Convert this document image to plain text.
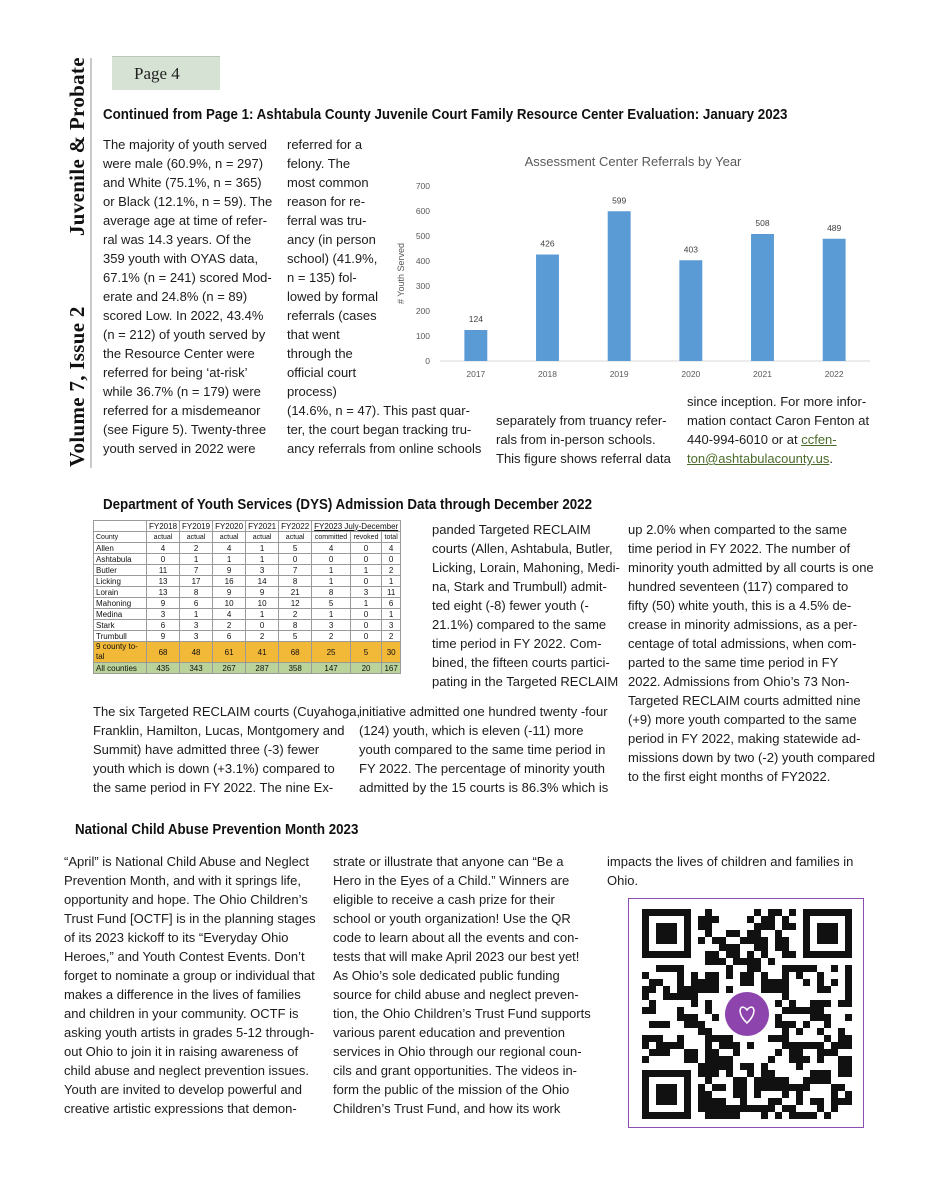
Juvenile & Probate
Volume 7, Issue 2
Page 4
Continued from Page 1: Ashtabula County Juvenile Court Family Resource Center Evaluation: January 2023
The majority of youth served
were male (60.9%, n = 297)
and White (75.1%, n = 365)
or Black (12.1%, n = 59). The
average age at time of refer-
ral was 14.3 years. Of the
359 youth with OYAS data,
67.1% (n = 241) scored Mod-
erate and 24.8% (n = 89)
scored Low. In 2022, 43.4%
(n = 212) of youth served by
the Resource Center were
referred for being ‘at-risk’
while 36.7% (n = 179) were
referred for a misdemeanor
(see Figure 5). Twenty-three
youth served in 2022 were
referred for a
felony. The
most common
reason for re-
ferral was tru-
ancy (in person
school) (41.9%,
n = 135) fol-
lowed by formal
referrals (cases
that went
through the
official court
process)
(14.6%, n = 47). This past quar-
ter, the court began tracking tru-
ancy referrals from online schools
separately from truancy refer-
rals from in-person schools.
This figure shows referral data
since inception. For more infor-
mation contact Caron Fenton at
440-994-6010 or at ccfen-
ton@ashtabulacounty.us.
Assessment Center Referrals by Year
# Youth Served
0
100
200
300
400
500
600
700
124
2017
426
2018
599
2019
403
2020
508
2021
489
2022
Department of Youth Services (DYS) Admission Data through December 2022
	FY2018	FY2019	FY2020	FY2021	FY2022	FY2023 July-December		
County	actual	actual	actual	actual	actual	committed	revoked	total
Allen	4	2	4	1	5	4	0	4
Ashtabula	0	1	1	1	0	0	0	0
Butler	11	7	9	3	7	1	1	2
Licking	13	17	16	14	8	1	0	1
Lorain	13	8	9	9	21	8	3	11
Mahoning	9	6	10	10	12	5	1	6
Medina	3	1	4	1	2	1	0	1
Stark	6	3	2	0	8	3	0	3
Trumbull	9	3	6	2	5	2	0	2

9 county to-
tal	68	48	61	41	68	25	5	30
All counties	435	343	267	287	358	147	20	167
panded Targeted RECLAIM
courts (Allen, Ashtabula, Butler,
Licking, Lorain, Mahoning, Medi-
na, Stark and Trumbull) admit-
ted eight (-8) fewer youth (-
21.1%) compared to the same
time period in FY 2022. Com-
bined, the fifteen courts partici-
pating in the Targeted RECLAIM
The six Targeted RECLAIM courts (Cuyahoga,
Franklin, Hamilton, Lucas, Montgomery and
Summit) have admitted three (-3) fewer
youth which is down (+3.1%) compared to
the same period in FY 2022. The nine Ex-
initiative admitted one hundred twenty -four
(124) youth, which is eleven (-11) more
youth compared to the same time period in
FY 2022. The percentage of minority youth
admitted by the 15 courts is 86.3% which is
up 2.0% when comparted to the same
time period in FY 2022. The number of
minority youth admitted by all courts is one
hundred seventeen (117) compared to
fifty (50) white youth, this is a 4.5% de-
crease in minority admissions, as a per-
centage of total admissions, when com-
parted to the same time period in FY
2022. Admissions from Ohio’s 73 Non-
Targeted RECLAIM courts admitted nine
(+9) more youth comparted to the same
period in FY 2022, making statewide ad-
missions down by two (-2) youth compared
to the first eight months of FY2022.
National Child Abuse Prevention Month 2023
“April” is National Child Abuse and Neglect
Prevention Month, and with it springs life,
opportunity and hope. The Ohio Children’s
Trust Fund [OCTF] is in the planning stages
of its 2023 kickoff to its “Everyday Ohio
Heroes,” and Youth Contest Events. Don’t
forget to nominate a group or individual that
makes a difference in the lives of families
and children in your community. OCTF is
asking youth artists in grades 5-12 through-
out Ohio to join it in raising awareness of
child abuse and neglect prevention issues.
Youth are invited to develop powerful and
creative artistic expressions that demon-
strate or illustrate that anyone can “Be a
Hero in the Eyes of a Child.” Winners are
eligible to receive a cash prize for their
school or youth organization! Use the QR
code to learn about all the events and con-
tests that will make April 2023 our best yet!
As Ohio’s sole dedicated public funding
source for child abuse and neglect preven-
tion, the Ohio Children’s Trust Fund supports
various parent education and prevention
services in Ohio through our regional coun-
cils and grant opportunities. The videos in-
form the public of the mission of the Ohio
Children’s Trust Fund, and how its work
impacts the lives of children and families in
Ohio.
